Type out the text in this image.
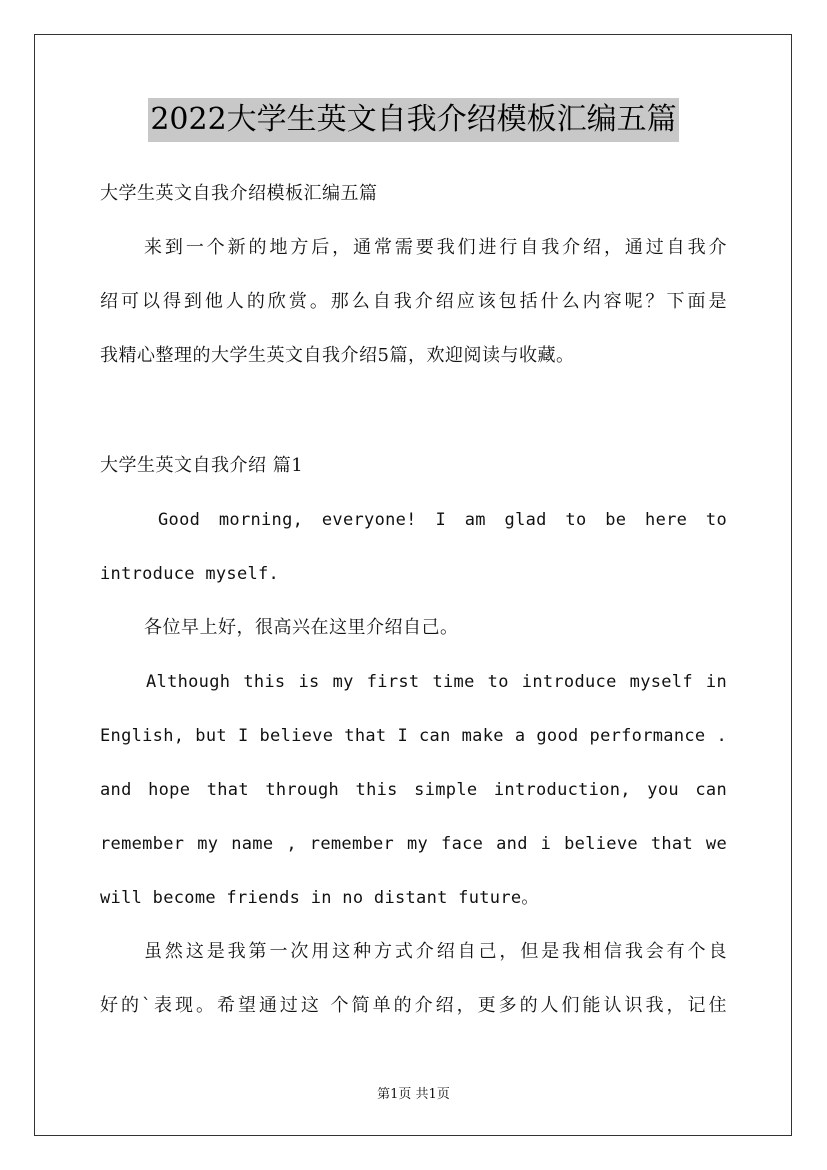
2022大学生英文自我介绍模板汇编五篇
大学生英文自我介绍模板汇编五篇
来到一个新的地方后，通常需要我们进行自我介绍，通过自我介
绍可以得到他人的欣赏。那么自我介绍应该包括什么内容呢？下面是
我精心整理的大学生英文自我介绍5篇，欢迎阅读与收藏。
大学生英文自我介绍 篇1
Good morning, everyone! I am glad to be here to
introduce myself.
各位早上好，很高兴在这里介绍自己。
Although this is my first time to introduce myself in
English, but I believe that I can make a good performance .
and hope that through this simple introduction, you can
remember my name , remember my face and i believe that we
will become friends in no distant future。
虽然这是我第一次用这种方式介绍自己，但是我相信我会有个良
好的`表现。希望通过这 个简单的介绍，更多的人们能认识我，记住
第1页 共1页
